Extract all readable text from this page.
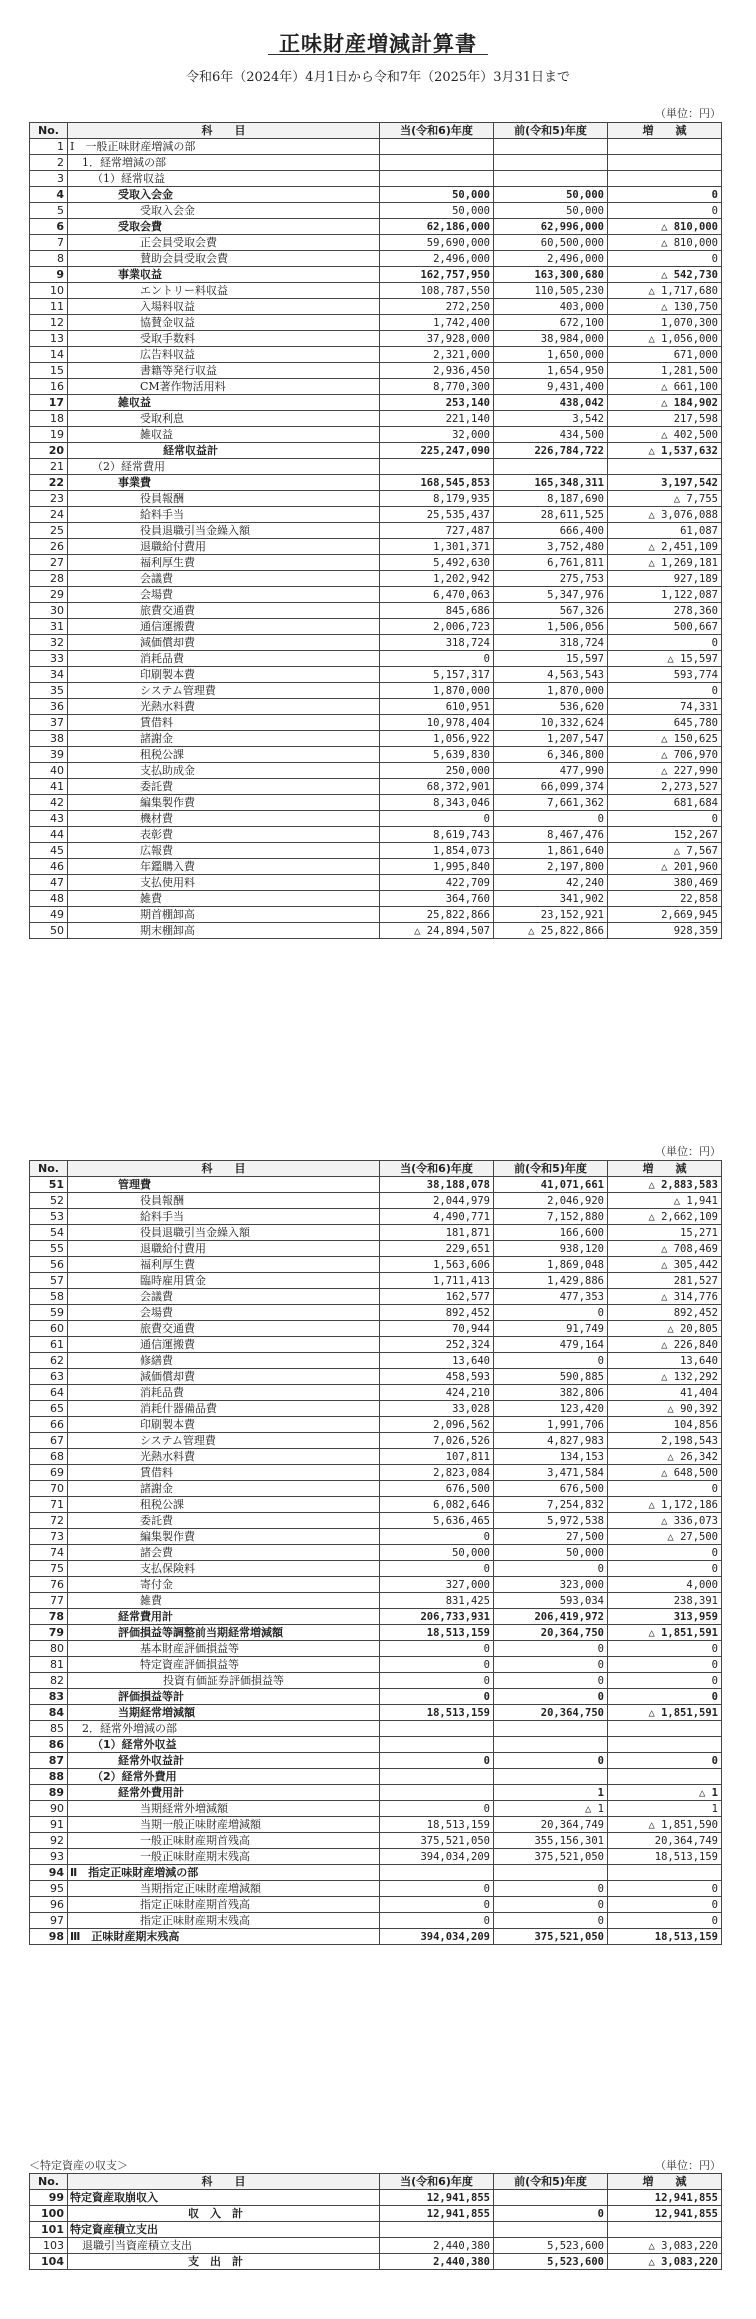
正味財産増減計算書
令和6年（2024年）4月1日から令和7年（2025年）3月31日まで
（単位：円）
No.	科　　目	当(令和6)年度	前(令和5)年度	増　　減
1	Ⅰ　一般正味財産増減の部			
2	1．経常増減の部			
3	（1）経常収益			
4	受取入会金	50,000	50,000	0
5	受取入会金	50,000	50,000	0
6	受取会費	62,186,000	62,996,000	△ 810,000
7	正会員受取会費	59,690,000	60,500,000	△ 810,000
8	賛助会員受取会費	2,496,000	2,496,000	0
9	事業収益	162,757,950	163,300,680	△ 542,730
10	エントリー料収益	108,787,550	110,505,230	△ 1,717,680
11	入場料収益	272,250	403,000	△ 130,750
12	協賛金収益	1,742,400	672,100	1,070,300
13	受取手数料	37,928,000	38,984,000	△ 1,056,000
14	広告料収益	2,321,000	1,650,000	671,000
15	書籍等発行収益	2,936,450	1,654,950	1,281,500
16	CM著作物活用料	8,770,300	9,431,400	△ 661,100
17	雑収益	253,140	438,042	△ 184,902
18	受取利息	221,140	3,542	217,598
19	雑収益	32,000	434,500	△ 402,500
20	経常収益計	225,247,090	226,784,722	△ 1,537,632
21	（2）経常費用			
22	事業費	168,545,853	165,348,311	3,197,542
23	役員報酬	8,179,935	8,187,690	△ 7,755
24	給料手当	25,535,437	28,611,525	△ 3,076,088
25	役員退職引当金繰入額	727,487	666,400	61,087
26	退職給付費用	1,301,371	3,752,480	△ 2,451,109
27	福利厚生費	5,492,630	6,761,811	△ 1,269,181
28	会議費	1,202,942	275,753	927,189
29	会場費	6,470,063	5,347,976	1,122,087
30	旅費交通費	845,686	567,326	278,360
31	通信運搬費	2,006,723	1,506,056	500,667
32	減価償却費	318,724	318,724	0
33	消耗品費	0	15,597	△ 15,597
34	印刷製本費	5,157,317	4,563,543	593,774
35	システム管理費	1,870,000	1,870,000	0
36	光熱水料費	610,951	536,620	74,331
37	賃借料	10,978,404	10,332,624	645,780
38	諸謝金	1,056,922	1,207,547	△ 150,625
39	租税公課	5,639,830	6,346,800	△ 706,970
40	支払助成金	250,000	477,990	△ 227,990
41	委託費	68,372,901	66,099,374	2,273,527
42	編集製作費	8,343,046	7,661,362	681,684
43	機材費	0	0	0
44	表彰費	8,619,743	8,467,476	152,267
45	広報費	1,854,073	1,861,640	△ 7,567
46	年鑑購入費	1,995,840	2,197,800	△ 201,960
47	支払使用料	422,709	42,240	380,469
48	雑費	364,760	341,902	22,858
49	期首棚卸高	25,822,866	23,152,921	2,669,945
50	期末棚卸高	△ 24,894,507	△ 25,822,866	928,359
（単位：円）
No.	科　　目	当(令和6)年度	前(令和5)年度	増　　減
51	管理費	38,188,078	41,071,661	△ 2,883,583
52	役員報酬	2,044,979	2,046,920	△ 1,941
53	給料手当	4,490,771	7,152,880	△ 2,662,109
54	役員退職引当金繰入額	181,871	166,600	15,271
55	退職給付費用	229,651	938,120	△ 708,469
56	福利厚生費	1,563,606	1,869,048	△ 305,442
57	臨時雇用賃金	1,711,413	1,429,886	281,527
58	会議費	162,577	477,353	△ 314,776
59	会場費	892,452	0	892,452
60	旅費交通費	70,944	91,749	△ 20,805
61	通信運搬費	252,324	479,164	△ 226,840
62	修繕費	13,640	0	13,640
63	減価償却費	458,593	590,885	△ 132,292
64	消耗品費	424,210	382,806	41,404
65	消耗什器備品費	33,028	123,420	△ 90,392
66	印刷製本費	2,096,562	1,991,706	104,856
67	システム管理費	7,026,526	4,827,983	2,198,543
68	光熱水料費	107,811	134,153	△ 26,342
69	賃借料	2,823,084	3,471,584	△ 648,500
70	諸謝金	676,500	676,500	0
71	租税公課	6,082,646	7,254,832	△ 1,172,186
72	委託費	5,636,465	5,972,538	△ 336,073
73	編集製作費	0	27,500	△ 27,500
74	諸会費	50,000	50,000	0
75	支払保険料	0	0	0
76	寄付金	327,000	323,000	4,000
77	雑費	831,425	593,034	238,391
78	経常費用計	206,733,931	206,419,972	313,959
79	評価損益等調整前当期経常増減額	18,513,159	20,364,750	△ 1,851,591
80	基本財産評価損益等	0	0	0
81	特定資産評価損益等	0	0	0
82	投資有価証券評価損益等	0	0	0
83	評価損益等計	0	0	0
84	当期経常増減額	18,513,159	20,364,750	△ 1,851,591
85	2．経常外増減の部			
86	（1）経常外収益			
87	経常外収益計	0	0	0
88	（2）経常外費用			
89	経常外費用計		1	△ 1
90	当期経常外増減額	0	△ 1	1
91	当期一般正味財産増減額	18,513,159	20,364,749	△ 1,851,590
92	一般正味財産期首残高	375,521,050	355,156,301	20,364,749
93	一般正味財産期末残高	394,034,209	375,521,050	18,513,159
94	Ⅱ　指定正味財産増減の部			
95	当期指定正味財産増減額	0	0	0
96	指定正味財産期首残高	0	0	0
97	指定正味財産期末残高	0	0	0
98	Ⅲ　正味財産期末残高	394,034,209	375,521,050	18,513,159
＜特定資産の収支＞	（単位：円）
No.	科　　目	当(令和6)年度	前(令和5)年度	増　　減
99	特定資産取崩収入	12,941,855		12,941,855
100	収　入　計	12,941,855	0	12,941,855
101	特定資産積立支出			
103	退職引当資産積立支出	2,440,380	5,523,600	△ 3,083,220
104	支　出　計	2,440,380	5,523,600	△ 3,083,220
